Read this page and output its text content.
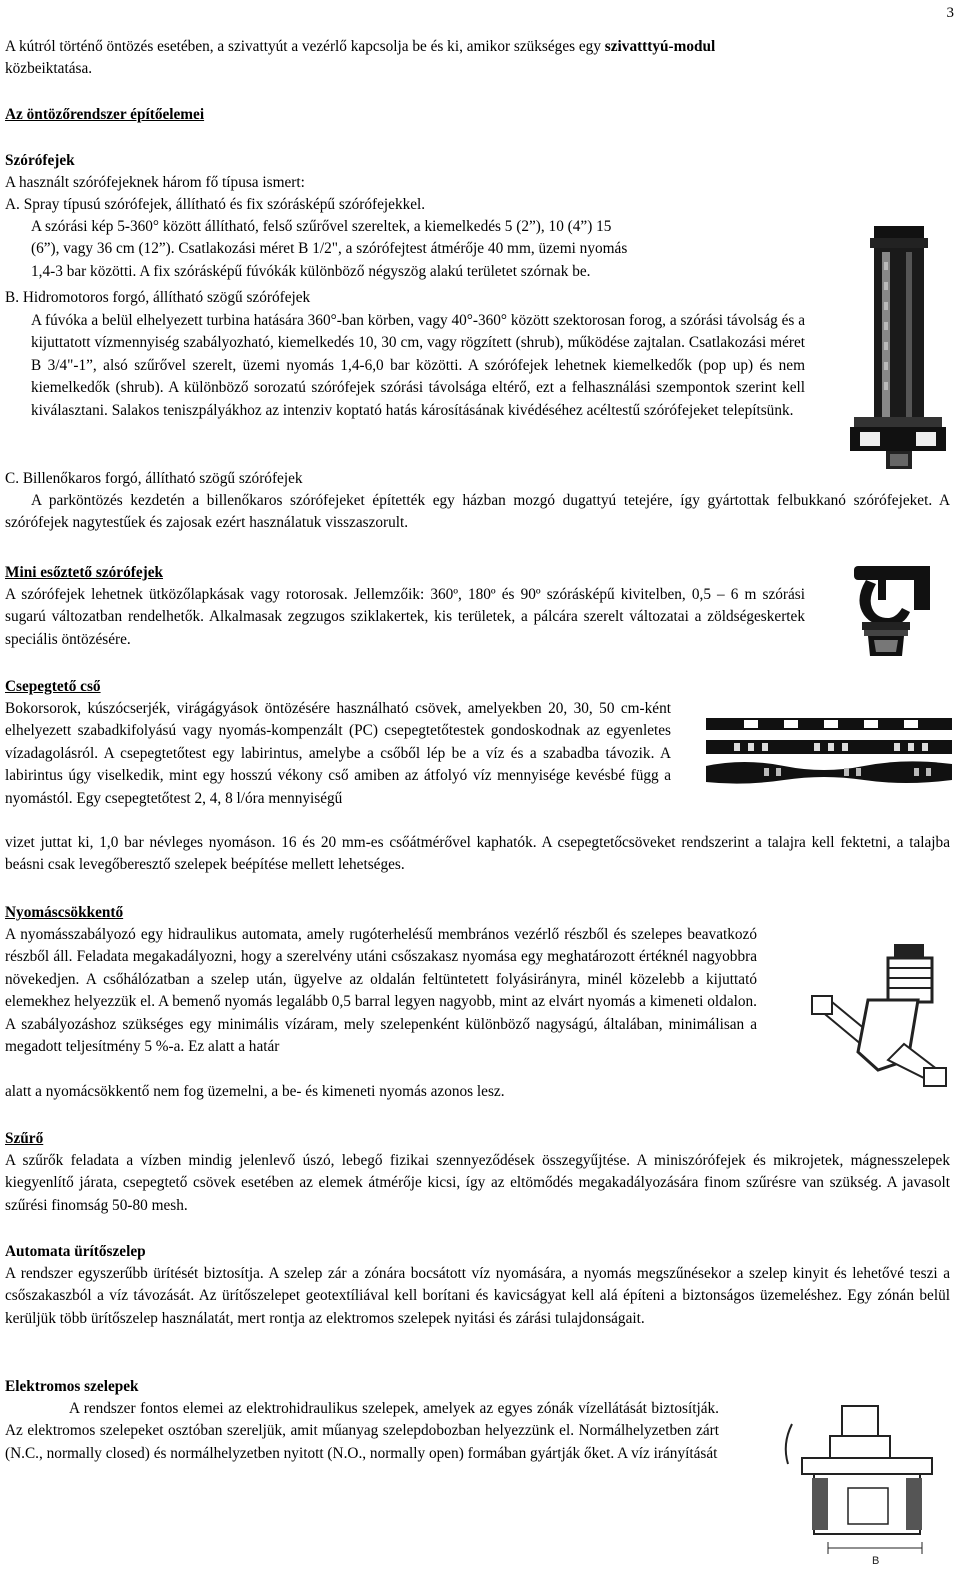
3
A kútról történő öntözés esetében, a szivattyút a vezérlő kapcsolja be és ki, amikor szükséges egy szivatttyú-modul
közbeiktatása.
Az öntözőrendszer építőelemei
Szórófejek
A használt szórófejeknek három fő típusa ismert:
A. Spray típusú szórófejek, állítható és fix szórásképű szórófejekkel.
A szórási kép 5-360° között állítható, felső szűrővel szereltek, a kiemelkedés 5 (2”), 10 (4”) 15
(6”), vagy 36 cm (12”). Csatlakozási méret B 1/2", a szórófejtest átmérője 40 mm, üzemi nyomás
1,4-3 bar közötti. A fix szórásképű fúvókák különböző négyszög alakú területet szórnak be.
B. Hidromotoros forgó, állítható szögű szórófejek
A fúvóka a belül elhelyezett turbina hatására 360°-ban körben, vagy 40°-360° között szektorosan forog, a szórási távolság és a kijuttatott vízmennyiség szabályozható, kiemelkedés 10, 30 cm, vagy rögzített (shrub), működése zajtalan. Csatlakozási méret B 3/4"-1”, alsó szűrővel szerelt, üzemi nyomás 1,4-6,0 bar közötti. A szórófejek lehetnek kiemelkedők (pop up) és nem kiemelkedők (shrub). A különböző sorozatú szórófejek szórási távolsága eltérő, ezt a felhasználási szempontok szerint kell kiválasztani. Salakos teniszpályákhoz az intenziv koptató hatás károsításának kivédéséhez acéltestű szórófejeket telepítsünk.
C. Billenőkaros forgó, állítható szögű szórófejek
A parköntözés kezdetén a billenőkaros szórófejeket építették egy házban mozgó dugattyú tetejére, így gyártottak felbukkanó szórófejeket. A szórófejek nagytestűek és zajosak ezért használatuk visszaszorult.
Mini esőztető szórófejek
A szórófejek lehetnek ütközőlapkásak vagy rotorosak. Jellemzőik: 360º, 180º és 90º szórásképű kivitelben, 0,5 – 6 m szórási sugarú változatban rendelhetők. Alkalmasak zegzugos sziklakertek, kis területek, a pálcára szerelt változatai a zöldségeskertek speciális öntözésére.
Csepegtető cső
Bokorsorok, kúszócserjék, virágágyások öntözésére használható csövek, amelyekben 20, 30, 50 cm-ként elhelyezett szabadkifolyású vagy nyomás-kompenzált (PC) csepegtetőtestek gondoskodnak az egyenletes vízadagolásról. A csepegtetőtest egy labirintus, amelybe a csőből lép be a víz és a szabadba távozik. A labirintus úgy viselkedik, mint egy hosszú vékony cső amiben az átfolyó víz mennyisége kevésbé függ a nyomástól. Egy csepegtetőtest 2, 4, 8 l/óra mennyiségű
vizet juttat ki, 1,0 bar névleges nyomáson. 16 és 20 mm-es csőátmérővel kaphatók. A csepegtetőcsöveket rendszerint a talajra kell fektetni, a talajba beásni csak levegőberesztő szelepek beépítése mellett lehetséges.
Nyomáscsökkentő
A nyomásszabályozó egy hidraulikus automata, amely rugóterhelésű membrános vezérlő részből és szelepes beavatkozó részből áll. Feladata megakadályozni, hogy a szerelvény utáni csőszakasz nyomása egy meghatározott értéknél nagyobbra növekedjen. A csőhálózatban a szelep után, ügyelve az oldalán feltüntetett folyásirányra, minél közelebb a kijuttató elemekhez helyezzük el. A bemenő nyomás legalább 0,5 barral legyen nagyobb, mint az elvárt nyomás a kimeneti oldalon. A szabályozáshoz szükséges egy minimális vízáram, mely szelepenként különböző nagyságú, általában, minimálisan a megadott teljesítmény 5 %-a. Ez alatt a határ
alatt a nyomácsökkentő nem fog üzemelni, a be- és kimeneti nyomás azonos lesz.
Szűrő
A szűrők feladata a vízben mindig jelenlevő úszó, lebegő fizikai szennyeződések összegyűjtése. A miniszórófejek és mikrojetek, mágnesszelepek kiegyenlítő járata, csepegtető csövek esetében az elemek átmérője kicsi, így az eltömődés megakadályozására finom szűrésre van szükség. A javasolt szűrési finomság 50-80 mesh.
Automata ürítőszelep
A rendszer egyszerűbb ürítését biztosítja. A szelep zár a zónára bocsátott víz nyomására, a nyomás megszűnésekor a szelep kinyit és lehetővé teszi a csőszakaszból a víz távozását. Az ürítőszelepet geotextíliával kell borítani és kavicságyat kell alá építeni a biztonságos üzemeléshez. Egy zónán belül kerüljük több ürítőszelep használatát, mert rontja az elektromos szelepek nyitási és zárási tulajdonságait.
Elektromos szelepek
A rendszer fontos elemei az elektrohidraulikus szelepek, amelyek az egyes zónák vízellátását biztosítják. Az elektromos szelepeket osztóban szereljük, amit műanyag szelepdobozban helyezzünk el. Normálhelyzetben zárt (N.C., normally closed) és normálhelyzetben nyitott (N.O., normally open) formában gyártják őket. A víz irányítását
B
